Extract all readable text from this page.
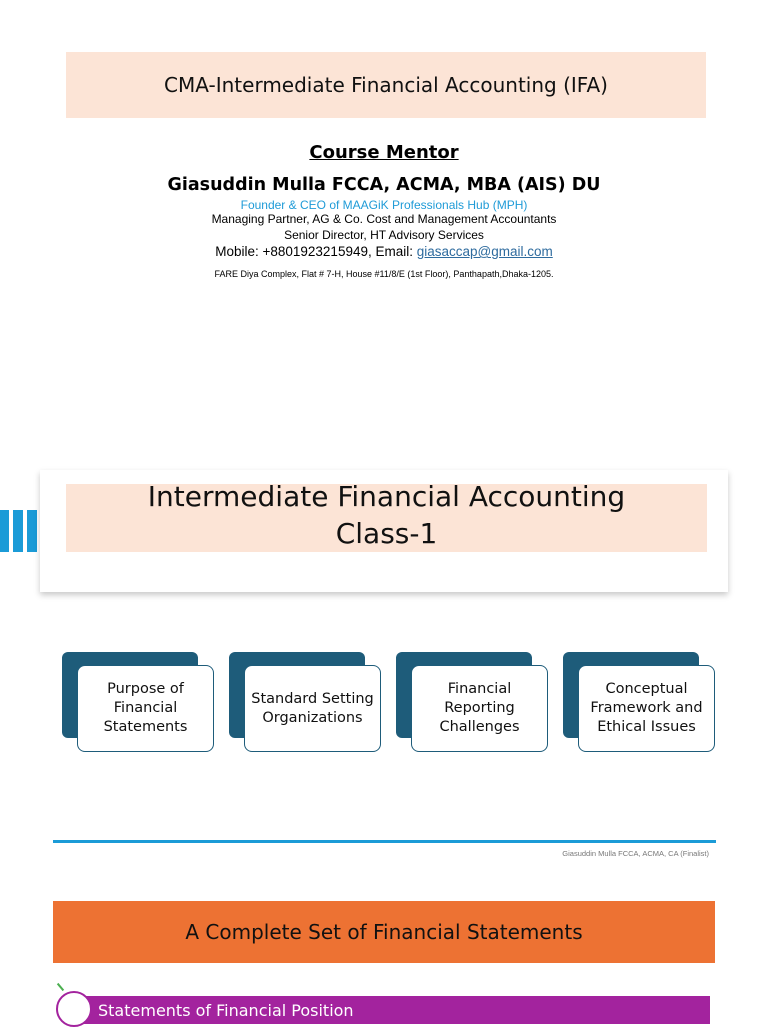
CMA-Intermediate Financial Accounting (IFA)
Course Mentor
Giasuddin Mulla FCCA, ACMA, MBA (AIS) DU
Founder & CEO of MAAGiK Professionals Hub (MPH)
Managing Partner, AG & Co. Cost and Management Accountants
Senior Director, HT Advisory Services
Mobile: +8801923215949, Email: giasaccap@gmail.com
FARE Diya Complex, Flat # 7-H, House #11/8/E (1st Floor), Panthapath,Dhaka-1205.
Intermediate Financial Accounting
Class-1
Purpose of Financial Statements
Standard Setting Organizations
Financial Reporting Challenges
Conceptual Framework and Ethical Issues
Giasuddin Mulla FCCA, ACMA, CA (Finalist)
A Complete Set of Financial Statements
Statements of Financial Position
